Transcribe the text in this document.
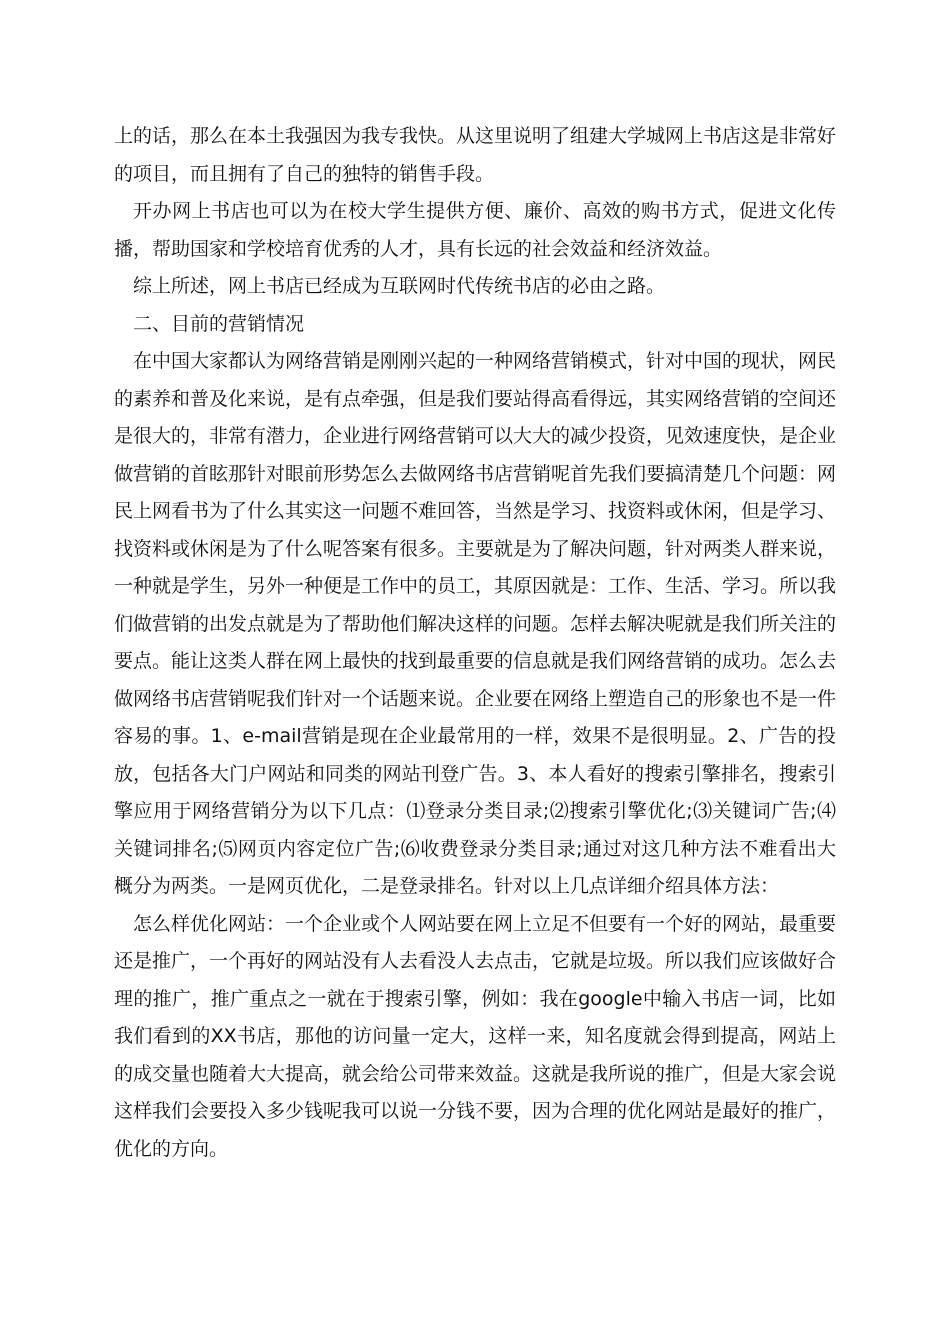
上的话，那么在本土我强因为我专我快。从这里说明了组建大学城网上书店这是非常好的项目，而且拥有了自己的独特的销售手段。

开办网上书店也可以为在校大学生提供方便、廉价、高效的购书方式，促进文化传播，帮助国家和学校培育优秀的人才，具有长远的社会效益和经济效益。

综上所述，网上书店已经成为互联网时代传统书店的必由之路。

二、目前的营销情况

在中国大家都认为网络营销是刚刚兴起的一种网络营销模式，针对中国的现状，网民的素养和普及化来说，是有点牵强，但是我们要站得高看得远，其实网络营销的空间还是很大的，非常有潜力，企业进行网络营销可以大大的减少投资，见效速度快，是企业做营销的首眩那针对眼前形势怎么去做网络书店营销呢首先我们要搞清楚几个问题：网民上网看书为了什么其实这一问题不难回答，当然是学习、找资料或休闲，但是学习、找资料或休闲是为了什么呢答案有很多。主要就是为了解决问题，针对两类人群来说，一种就是学生，另外一种便是工作中的员工，其原因就是：工作、生活、学习。所以我们做营销的出发点就是为了帮助他们解决这样的问题。怎样去解决呢就是我们所关注的要点。能让这类人群在网上最快的找到最重要的信息就是我们网络营销的成功。怎么去做网络书店营销呢我们针对一个话题来说。企业要在网络上塑造自己的形象也不是一件容易的事。1、e-mail营销是现在企业最常用的一样，效果不是很明显。2、广告的投放，包括各大门户网站和同类的网站刊登广告。3、本人看好的搜索引擎排名，搜索引擎应用于网络营销分为以下几点：⑴登录分类目录;⑵搜索引擎优化;⑶关键词广告;⑷关键词排名;⑸网页内容定位广告;⑹收费登录分类目录;通过对这几种方法不难看出大概分为两类。一是网页优化，二是登录排名。针对以上几点详细介绍具体方法：

怎么样优化网站：一个企业或个人网站要在网上立足不但要有一个好的网站，最重要还是推广，一个再好的网站没有人去看没人去点击，它就是垃圾。所以我们应该做好合理的推广，推广重点之一就在于搜索引擎，例如：我在google中输入书店一词，比如我们看到的XX书店，那他的访问量一定大，这样一来，知名度就会得到提高，网站上的成交量也随着大大提高，就会给公司带来效益。这就是我所说的推广，但是大家会说这样我们会要投入多少钱呢我可以说一分钱不要，因为合理的优化网站是最好的推广，优化的方向。
